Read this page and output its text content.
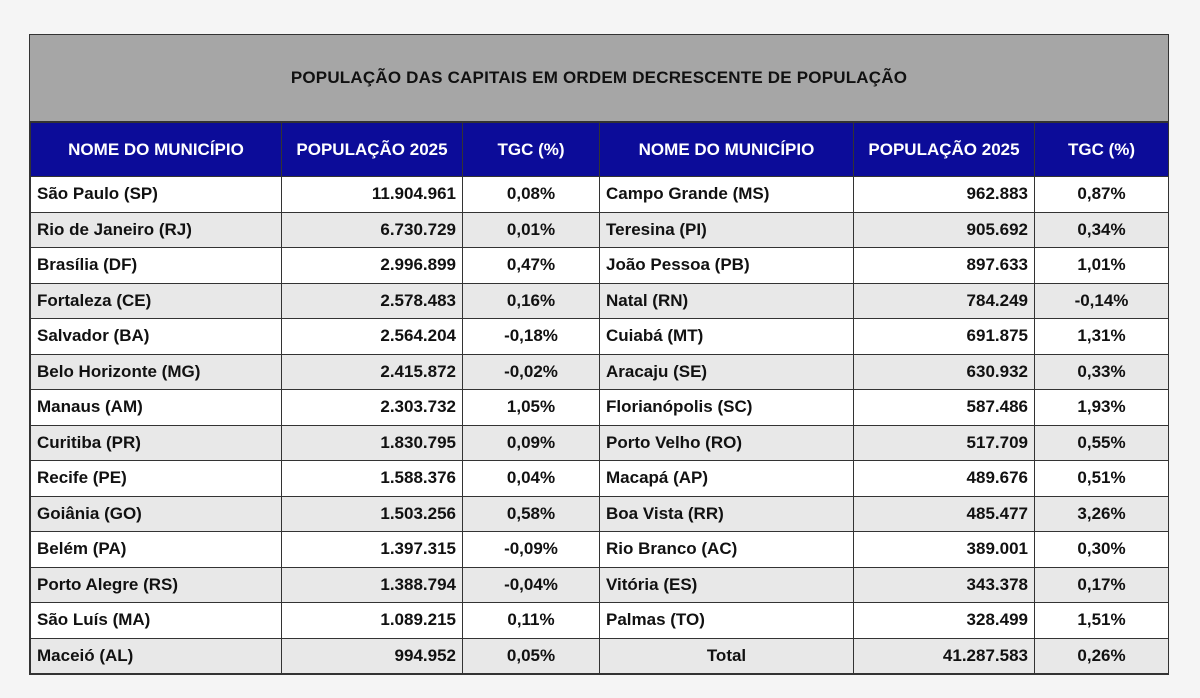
POPULAÇÃO DAS CAPITAIS EM ORDEM DECRESCENTE DE POPULAÇÃO
NOME DO MUNICÍPIO	POPULAÇÃO 2025	TGC (%)	NOME DO MUNICÍPIO	POPULAÇÃO 2025	TGC (%)
São Paulo (SP)	11.904.961	0,08%	Campo Grande (MS)	962.883	0,87%
Rio de Janeiro (RJ)	6.730.729	0,01%	Teresina (PI)	905.692	0,34%
Brasília (DF)	2.996.899	0,47%	João Pessoa (PB)	897.633	1,01%
Fortaleza (CE)	2.578.483	0,16%	Natal (RN)	784.249	-0,14%
Salvador (BA)	2.564.204	-0,18%	Cuiabá (MT)	691.875	1,31%
Belo Horizonte (MG)	2.415.872	-0,02%	Aracaju (SE)	630.932	0,33%
Manaus (AM)	2.303.732	1,05%	Florianópolis (SC)	587.486	1,93%
Curitiba (PR)	1.830.795	0,09%	Porto Velho (RO)	517.709	0,55%
Recife (PE)	1.588.376	0,04%	Macapá (AP)	489.676	0,51%
Goiânia (GO)	1.503.256	0,58%	Boa Vista (RR)	485.477	3,26%
Belém (PA)	1.397.315	-0,09%	Rio Branco (AC)	389.001	0,30%
Porto Alegre (RS)	1.388.794	-0,04%	Vitória (ES)	343.378	0,17%
São Luís (MA)	1.089.215	0,11%	Palmas (TO)	328.499	1,51%
Maceió (AL)	994.952	0,05%	Total	41.287.583	0,26%
